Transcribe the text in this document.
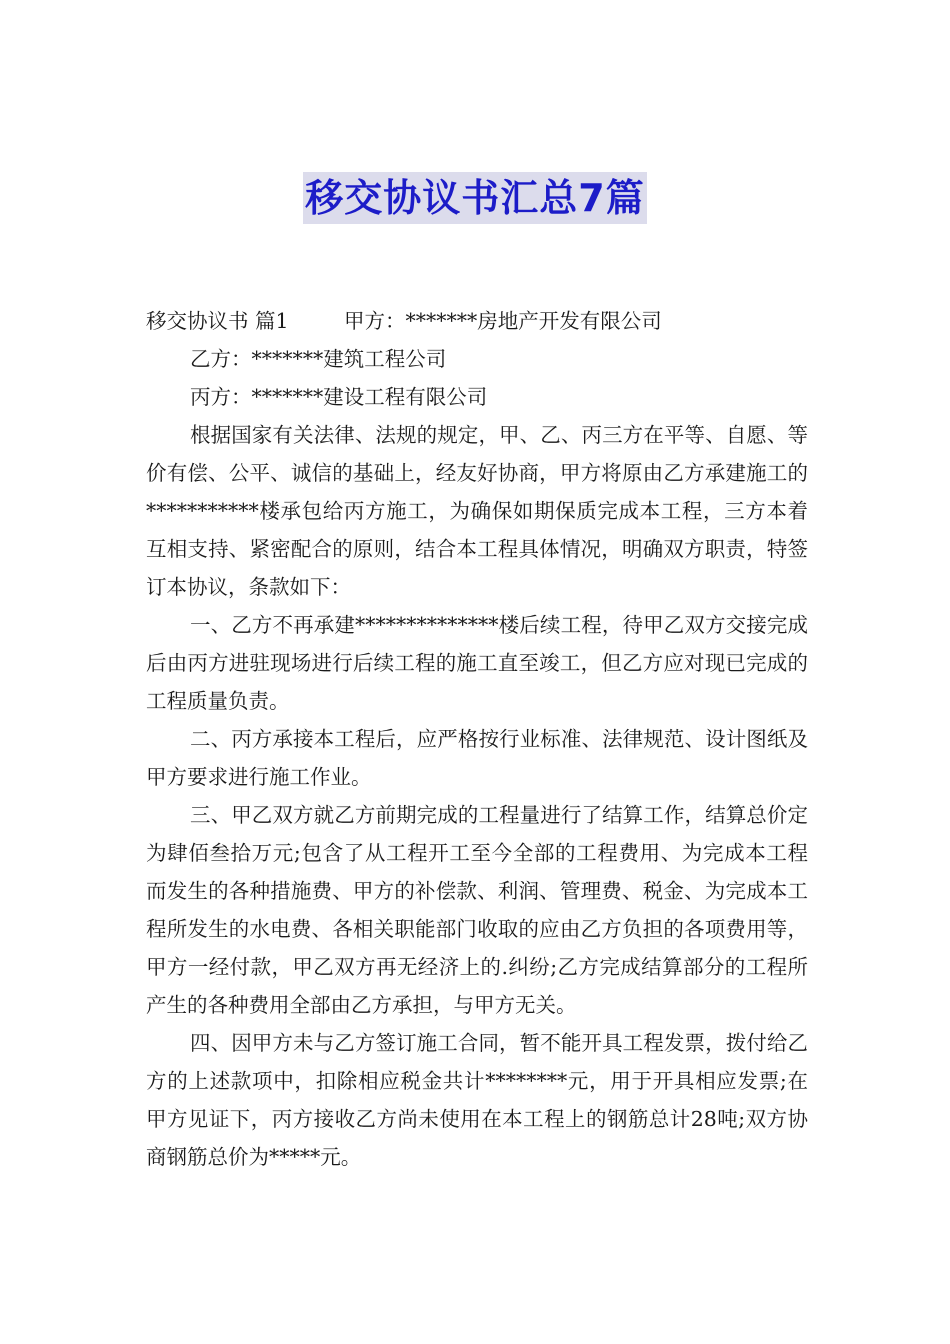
移交协议书汇总7篇

移交协议书 篇1	甲方：*******房地产开发有限公司

乙方：*******建筑工程公司

丙方：*******建设工程有限公司

根据国家有关法律、法规的规定，甲、乙、丙三方在平等、自愿、等价有偿、公平、诚信的基础上，经友好协商，甲方将原由乙方承建施工的***********楼承包给丙方施工，为确保如期保质完成本工程，三方本着互相支持、紧密配合的原则，结合本工程具体情况，明确双方职责，特签订本协议，条款如下：

一、乙方不再承建**************楼后续工程，待甲乙双方交接完成后由丙方进驻现场进行后续工程的施工直至竣工，但乙方应对现已完成的工程质量负责。

二、丙方承接本工程后，应严格按行业标准、法律规范、设计图纸及甲方要求进行施工作业。

三、甲乙双方就乙方前期完成的工程量进行了结算工作，结算总价定为肆佰叁拾万元;包含了从工程开工至今全部的工程费用、为完成本工程而发生的各种措施费、甲方的补偿款、利润、管理费、税金、为完成本工程所发生的水电费、各相关职能部门收取的应由乙方负担的各项费用等，甲方一经付款，甲乙双方再无经济上的.纠纷;乙方完成结算部分的工程所产生的各种费用全部由乙方承担，与甲方无关。

四、因甲方未与乙方签订施工合同，暂不能开具工程发票，拨付给乙方的上述款项中，扣除相应税金共计********元，用于开具相应发票;在甲方见证下，丙方接收乙方尚未使用在本工程上的钢筋总计28吨;双方协商钢筋总价为*****元。
